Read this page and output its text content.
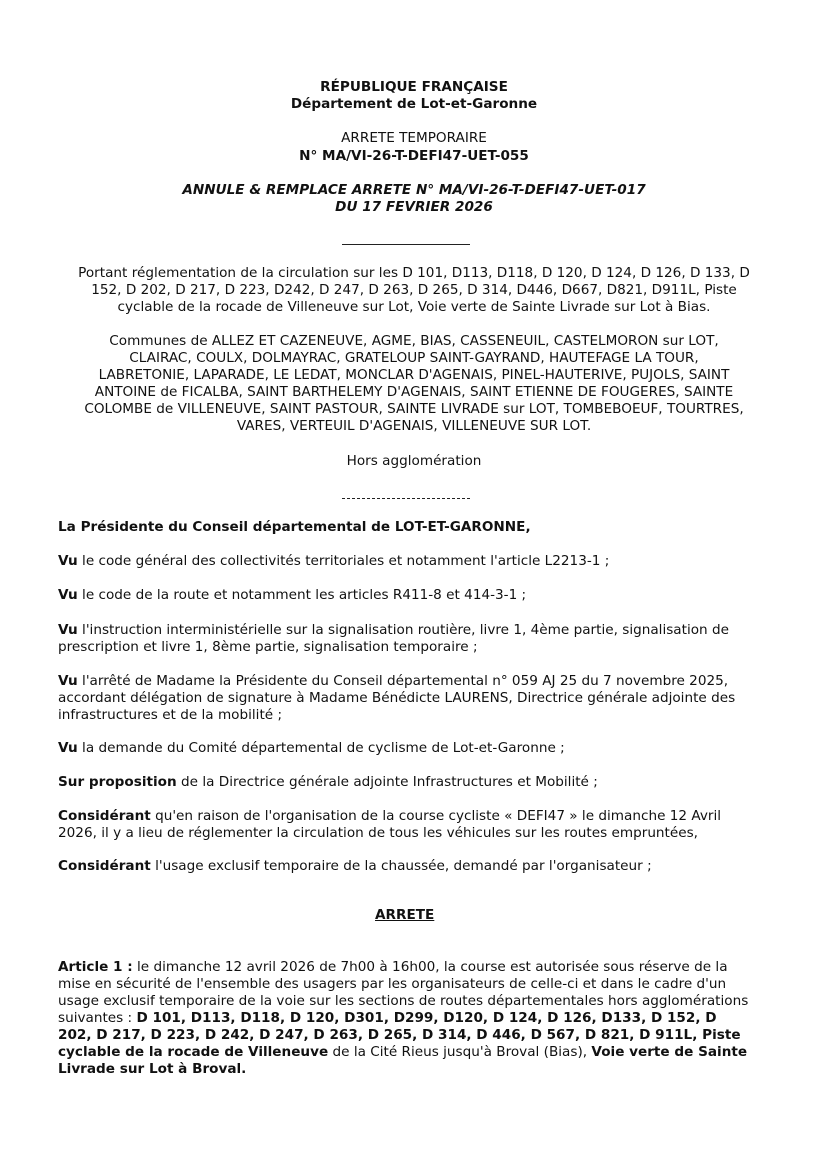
RÉPUBLIQUE FRANÇAISE
Département de Lot-et-Garonne
ARRETE TEMPORAIRE
N° MA/VI-26-T-DEFI47-UET-055
ANNULE & REMPLACE ARRETE N° MA/VI-26-T-DEFI47-UET-017
DU 17 FEVRIER 2026
Portant réglementation de la circulation sur les D 101, D113, D118, D 120, D 124, D 126, D 133, D
152, D 202, D 217, D 223, D242, D 247, D 263, D 265, D 314, D446, D667, D821, D911L, Piste
cyclable de la rocade de Villeneuve sur Lot, Voie verte de Sainte Livrade sur Lot à Bias.
Communes de ALLEZ ET CAZENEUVE, AGME, BIAS, CASSENEUIL, CASTELMORON sur LOT,
CLAIRAC, COULX, DOLMAYRAC, GRATELOUP SAINT-GAYRAND, HAUTEFAGE LA TOUR,
LABRETONIE, LAPARADE, LE LEDAT, MONCLAR D'AGENAIS, PINEL-HAUTERIVE, PUJOLS, SAINT
ANTOINE de FICALBA, SAINT BARTHELEMY D'AGENAIS, SAINT ETIENNE DE FOUGERES, SAINTE
COLOMBE de VILLENEUVE, SAINT PASTOUR, SAINTE LIVRADE sur LOT, TOMBEBOEUF, TOURTRES,
VARES, VERTEUIL D'AGENAIS, VILLENEUVE SUR LOT.
Hors agglomération
La Présidente du Conseil départemental de LOT-ET-GARONNE,
Vu le code général des collectivités territoriales et notamment l'article L2213-1 ;
Vu le code de la route et notamment les articles R411-8 et 414-3-1 ;
Vu l'instruction interministérielle sur la signalisation routière, livre 1, 4ème partie, signalisation de
prescription et livre 1, 8ème partie, signalisation temporaire ;
Vu l'arrêté de Madame la Présidente du Conseil départemental n° 059 AJ 25 du 7 novembre 2025,
accordant délégation de signature à Madame Bénédicte LAURENS, Directrice générale adjointe des
infrastructures et de la mobilité ;
Vu la demande du Comité départemental de cyclisme de Lot-et-Garonne ;
Sur proposition de la Directrice générale adjointe Infrastructures et Mobilité ;
Considérant qu'en raison de l'organisation de la course cycliste « DEFI47 » le dimanche 12 Avril
2026, il y a lieu de réglementer la circulation de tous les véhicules sur les routes empruntées,
Considérant l'usage exclusif temporaire de la chaussée, demandé par l'organisateur ;
ARRETE
Article 1 : le dimanche 12 avril 2026 de 7h00 à 16h00, la course est autorisée sous réserve de la
mise en sécurité de l'ensemble des usagers par les organisateurs de celle-ci et dans le cadre d'un
usage exclusif temporaire de la voie sur les sections de routes départementales hors agglomérations
suivantes : D 101, D113, D118, D 120, D301, D299, D120, D 124, D 126, D133, D 152, D
202, D 217, D 223, D 242, D 247, D 263, D 265, D 314, D 446, D 567, D 821, D 911L, Piste
cyclable de la rocade de Villeneuve de la Cité Rieus jusqu'à Broval (Bias), Voie verte de Sainte
Livrade sur Lot à Broval.
